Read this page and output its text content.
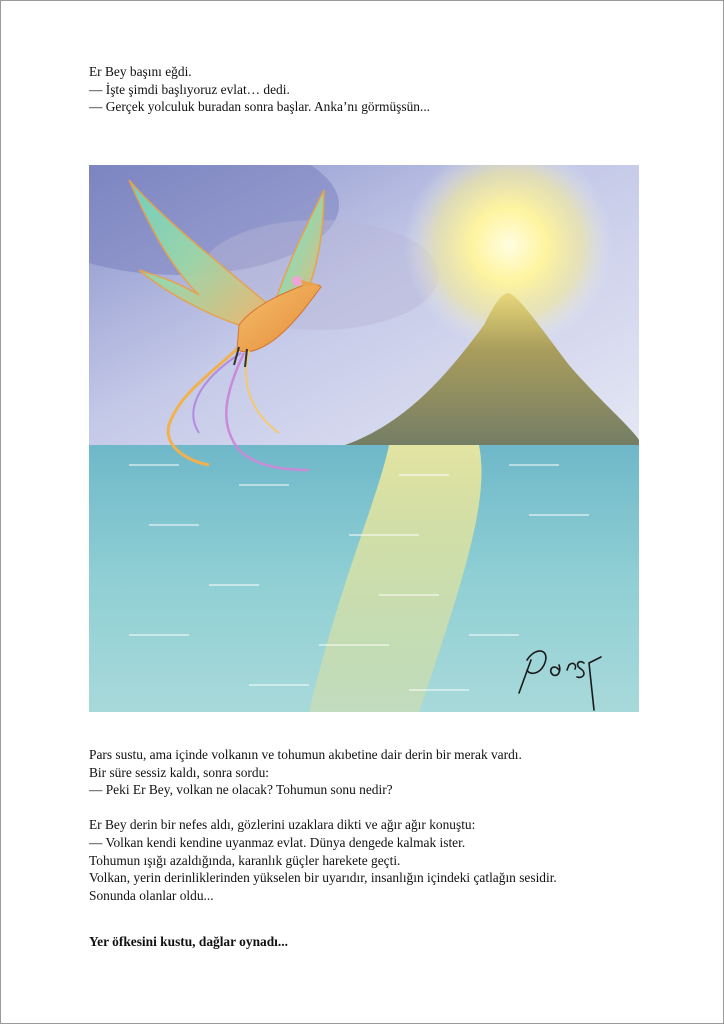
Er Bey başını eğdi.

— İşte şimdi başlıyoruz evlat… dedi.

— Gerçek yolculuk buradan sonra başlar. Anka’nı görmüşsün...

Pars sustu, ama içinde volkanın ve tohumun akıbetine dair derin bir merak vardı.

Bir süre sessiz kaldı, sonra sordu:

— Peki Er Bey, volkan ne olacak? Tohumun sonu nedir?

Er Bey derin bir nefes aldı, gözlerini uzaklara dikti ve ağır ağır konuştu:

— Volkan kendi kendine uyanmaz evlat. Dünya dengede kalmak ister.

Tohumun ışığı azaldığında, karanlık güçler harekete geçti.

Volkan, yerin derinliklerinden yükselen bir uyarıdır, insanlığın içindeki çatlağın sesidir.

Sonunda olanlar oldu...

Yer öfkesini kustu, dağlar oynadı...
